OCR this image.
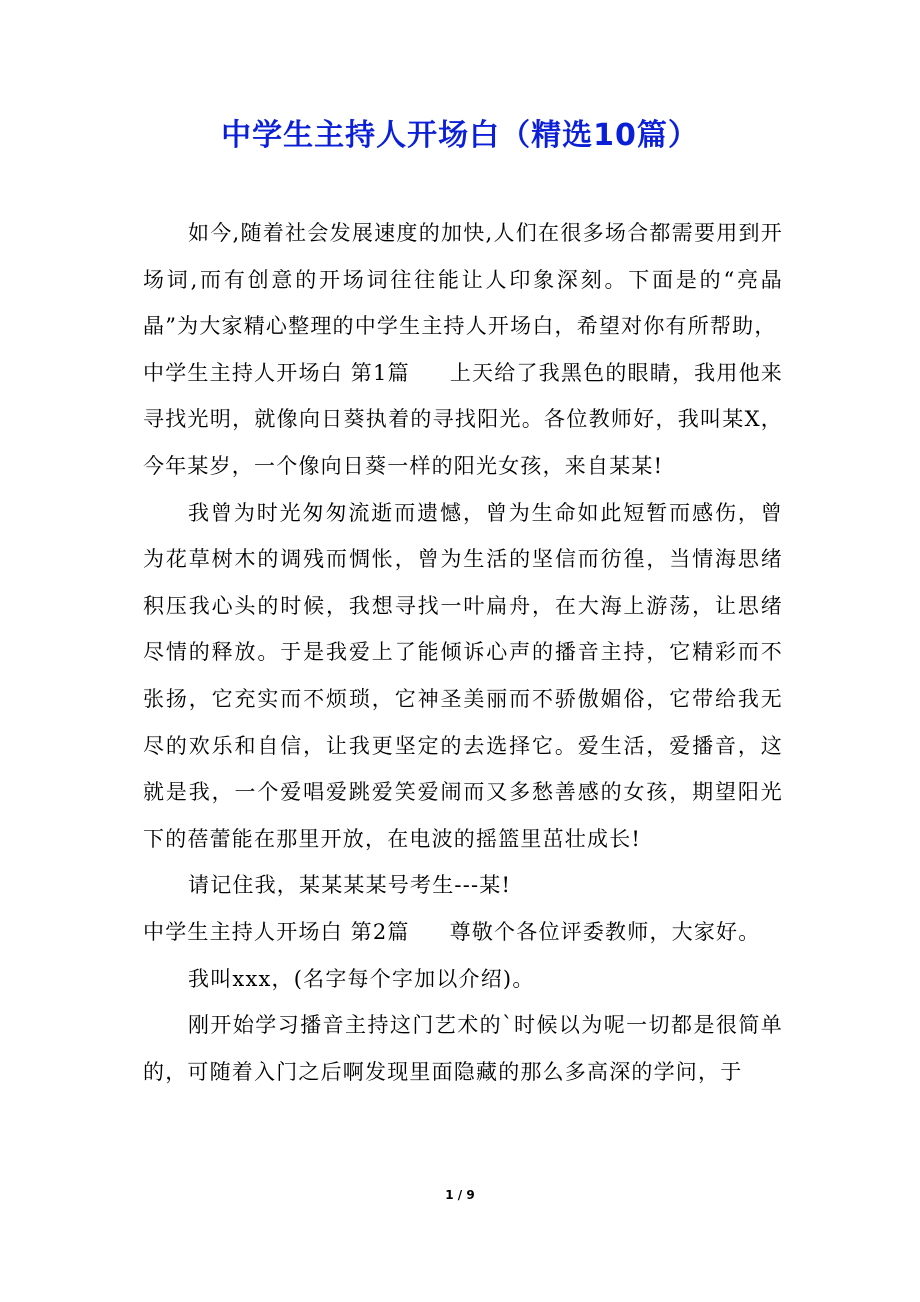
中学生主持人开场白（精选10篇）

如今,随着社会发展速度的加快,人们在很多场合都需要用到开场词,而有创意的开场词往往能让人印象深刻。下面是的“亮晶晶”为大家精心整理的中学生主持人开场白，希望对你有所帮助，

中学生主持人开场白 第1篇 上天给了我黑色的眼睛，我用他来寻找光明，就像向日葵执着的寻找阳光。各位教师好，我叫某X，今年某岁，一个像向日葵一样的阳光女孩，来自某某!

我曾为时光匆匆流逝而遗憾，曾为生命如此短暂而感伤，曾为花草树木的调残而惆怅，曾为生活的坚信而彷徨，当情海思绪积压我心头的时候，我想寻找一叶扁舟，在大海上游荡，让思绪尽情的释放。于是我爱上了能倾诉心声的播音主持，它精彩而不张扬，它充实而不烦琐，它神圣美丽而不骄傲媚俗，它带给我无尽的欢乐和自信，让我更坚定的去选择它。爱生活，爱播音，这就是我，一个爱唱爱跳爱笑爱闹而又多愁善感的女孩，期望阳光下的蓓蕾能在那里开放，在电波的摇篮里茁壮成长!

请记住我，某某某某号考生---某!

中学生主持人开场白 第2篇 尊敬个各位评委教师，大家好。

我叫xxx，(名字每个字加以介绍)。

刚开始学习播音主持这门艺术的`时候以为呢一切都是很简单的，可随着入门之后啊发现里面隐藏的那么多高深的学问，于

1 / 9
